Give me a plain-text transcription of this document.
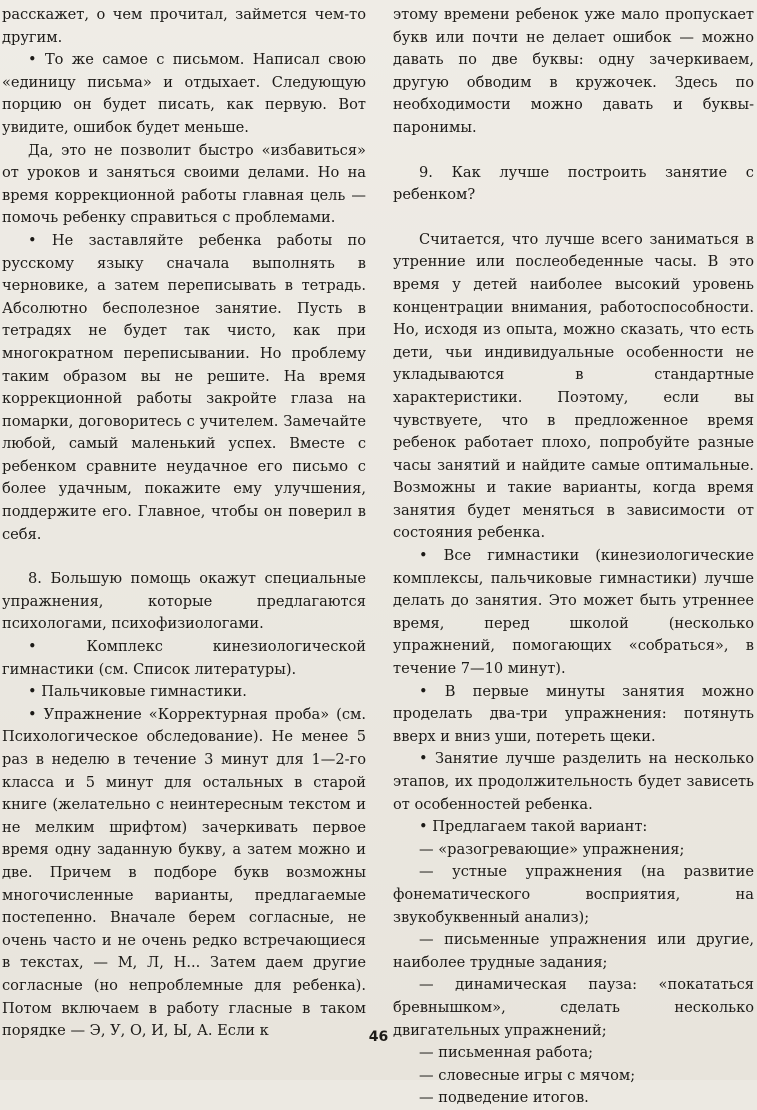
расскажет, о чем прочитал, займется чем-то другим.

• То же самое с письмом. Написал свою «единицу письма» и отдыхает. Следующую порцию он будет писать, как первую. Вот увидите, ошибок будет меньше.

Да, это не позволит быстро «избавиться» от уроков и заняться своими делами. Но на время коррекционной работы главная цель — помочь ребенку справиться с проблемами.

• Не заставляйте ребенка работы по русскому языку сначала выполнять в черновике, а затем переписывать в тетрадь. Абсолютно бесполезное занятие. Пусть в тетрадях не будет так чисто, как при многократном переписывании. Но проблему таким образом вы не решите. На время коррекционной работы закройте глаза на помарки, договоритесь с учителем. Замечайте любой, самый маленький успех. Вместе с ребенком сравните неудачное его письмо с более удачным, покажите ему улучшения, поддержите его. Главное, чтобы он поверил в себя.

8. Большую помощь окажут специальные упражнения, которые предлагаются психологами, психофизиологами.

• Комплекс кинезиологической гимнастики (см. Список литературы).

• Пальчиковые гимнастики.

• Упражнение «Корректурная проба» (см. Психологическое обследование). Не менее 5 раз в неделю в течение 3 минут для 1—2-го класса и 5 минут для остальных в старой книге (желательно с неинтересным текстом и не мелким шрифтом) зачеркивать первое время одну заданную букву, а затем можно и две. Причем в подборе букв возможны многочисленные варианты, предлагаемые постепенно. Вначале берем согласные, не очень часто и не очень редко встречающиеся в текстах, — М, Л, Н... Затем даем другие согласные (но непроблемные для ребенка). Потом включаем в работу гласные в таком порядке — Э, У, О, И, Ы, А. Если к

этому времени ребенок уже мало пропускает букв или почти не делает ошибок — можно давать по две буквы: одну зачеркиваем, другую обводим в кружочек. Здесь по необходимости можно давать и буквы-паронимы.

9. Как лучше построить занятие с ребенком?

Считается, что лучше всего заниматься в утренние или послеобеденные часы. В это время у детей наиболее высокий уровень концентрации внимания, работоспособности. Но, исходя из опыта, можно сказать, что есть дети, чьи индивидуальные особенности не укладываются в стандартные характеристики. Поэтому, если вы чувствуете, что в предложенное время ребенок работает плохо, попробуйте разные часы занятий и найдите самые оптимальные. Возможны и такие варианты, когда время занятия будет меняться в зависимости от состояния ребенка.

• Все гимнастики (кинезиологические комплексы, пальчиковые гимнастики) лучше делать до занятия. Это может быть утреннее время, перед школой (несколько упражнений, помогающих «собраться», в течение 7—10 минут).

• В первые минуты занятия можно проделать два-три упражнения: потянуть вверх и вниз уши, потереть щеки.

• Занятие лучше разделить на несколько этапов, их продолжительность будет зависеть от особенностей ребенка.

• Предлагаем такой вариант:

— «разогревающие» упражнения;

— устные упражнения (на развитие фонематического восприятия, на звукобуквенный анализ);

— письменные упражнения или другие, наиболее трудные задания;

— динамическая пауза: «покататься бревнышком», сделать несколько двигательных упражнений;

— письменная работа;

— словесные игры с мячом;

— подведение итогов.

46
